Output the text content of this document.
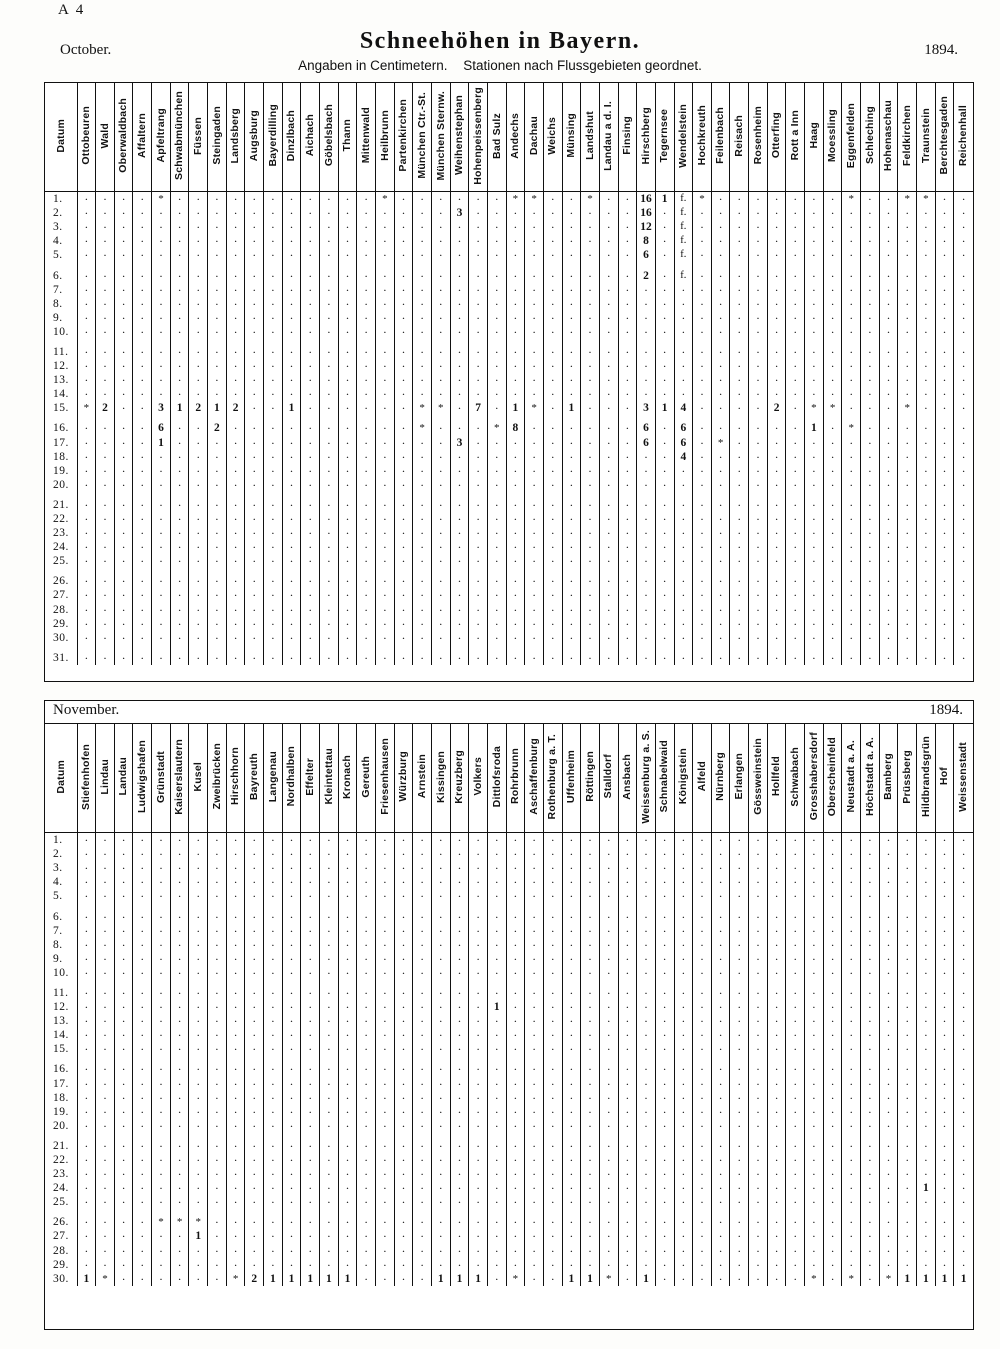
A 4
Schneehöhen in Bayern.
Angaben in Centimetern. Stationen nach Flussgebieten geordnet.
October.	1894.
Datum	Ottobeuren	Wald	Oberwaldbach	Affaltern	Apfeltrang	Schwabmünchen	Füssen	Steingaden	Landsberg	Augsburg	Bayerdilling	Dinzlbach	Aichach	Göbelsbach	Thann	Mittenwald	Heilbrunn	Partenkirchen	München Ctr.-St.	München Sternw.	Weihenstephan	Hohenpeissenberg	Bad Sulz	Andechs	Dachau	Weichs	Münsing	Landshut	Landau a d. I.	Finsing	Hirschberg	Tegernsee	Wendelstein	Hochkreuth	Feilenbach	Reisach	Rosenheim	Otterfing	Rott a Inn	Haag	Moessling	Eggenfelden	Schleching	Hohenaschau	Feldkirchen	Traunstein	Berchtesgaden	Reichenhall
1.	·	·	·	·	*	·	·	·	·	·	·	·	·	·	·	·	*	·	·	·	·	·	·	*	*	·	·	*	·	·	16	1	f.	*	·	·	·	·	·	·	·	*	·	·	*	*	·	·

2.	·	·	·	·	·	·	·	·	·	·	·	·	·	·	·	·	·	·	·	·	3	·	·	·	·	·	·	·	·	·	16	·	f.	·	·	·	·	·	·	·	·	·	·	·	·	·	·	·

3.	·	·	·	·	·	·	·	·	·	·	·	·	·	·	·	·	·	·	·	·	·	·	·	·	·	·	·	·	·	·	12	·	f.	·	·	·	·	·	·	·	·	·	·	·	·	·	·	·

4.	·	·	·	·	·	·	·	·	·	·	·	·	·	·	·	·	·	·	·	·	·	·	·	·	·	·	·	·	·	·	8	·	f.	·	·	·	·	·	·	·	·	·	·	·	·	·	·	·

5.	·	·	·	·	·	·	·	·	·	·	·	·	·	·	·	·	·	·	·	·	·	·	·	·	·	·	·	·	·	·	6	·	f.	·	·	·	·	·	·	·	·	·	·	·	·	·	·	·

6.	·	·	·	·	·	·	·	·	·	·	·	·	·	·	·	·	·	·	·	·	·	·	·	·	·	·	·	·	·	·	2	·	f.	·	·	·	·	·	·	·	·	·	·	·	·	·	·	·

7.	·	·	·	·	·	·	·	·	·	·	·	·	·	·	·	·	·	·	·	·	·	·	·	·	·	·	·	·	·	·	·	·	·	·	·	·	·	·	·	·	·	·	·	·	·	·	·	·

8.	·	·	·	·	·	·	·	·	·	·	·	·	·	·	·	·	·	·	·	·	·	·	·	·	·	·	·	·	·	·	·	·	·	·	·	·	·	·	·	·	·	·	·	·	·	·	·	·

9.	·	·	·	·	·	·	·	·	·	·	·	·	·	·	·	·	·	·	·	·	·	·	·	·	·	·	·	·	·	·	·	·	·	·	·	·	·	·	·	·	·	·	·	·	·	·	·	·

10.	·	·	·	·	·	·	·	·	·	·	·	·	·	·	·	·	·	·	·	·	·	·	·	·	·	·	·	·	·	·	·	·	·	·	·	·	·	·	·	·	·	·	·	·	·	·	·	·

11.	·	·	·	·	·	·	·	·	·	·	·	·	·	·	·	·	·	·	·	·	·	·	·	·	·	·	·	·	·	·	·	·	·	·	·	·	·	·	·	·	·	·	·	·	·	·	·	·

12.	·	·	·	·	·	·	·	·	·	·	·	·	·	·	·	·	·	·	·	·	·	·	·	·	·	·	·	·	·	·	·	·	·	·	·	·	·	·	·	·	·	·	·	·	·	·	·	·

13.	·	·	·	·	·	·	·	·	·	·	·	·	·	·	·	·	·	·	·	·	·	·	·	·	·	·	·	·	·	·	·	·	·	·	·	·	·	·	·	·	·	·	·	·	·	·	·	·

14.	·	·	·	·	·	·	·	·	·	·	·	·	·	·	·	·	·	·	·	·	·	·	·	·	·	·	·	·	·	·	·	·	·	·	·	·	·	·	·	·	·	·	·	·	·	·	·	·

15.	*	2	·	·	3	1	2	1	2	·	·	1	·	·	·	·	·	·	*	*	·	7	·	1	*	·	1	·	·	·	3	1	4	·	·	·	·	2	·	*	*	·	·	·	*	·	·	·

16.	·	·	·	·	6	·	·	2	·	·	·	·	·	·	·	·	·	·	*	·	·	·	*	8	·	·	·	·	·	·	6	·	6	·	·	·	·	·	·	1	·	*	·	·	·	·	·	·

17.	·	·	·	·	1	·	·	·	·	·	·	·	·	·	·	·	·	·	·	·	3	·	·	·	·	·	·	·	·	·	6	·	6	·	*	·	·	·	·	·	·	·	·	·	·	·	·	·

18.	·	·	·	·	·	·	·	·	·	·	·	·	·	·	·	·	·	·	·	·	·	·	·	·	·	·	·	·	·	·	·	·	4	·	·	·	·	·	·	·	·	·	·	·	·	·	·	·

19.	·	·	·	·	·	·	·	·	·	·	·	·	·	·	·	·	·	·	·	·	·	·	·	·	·	·	·	·	·	·	·	·	·	·	·	·	·	·	·	·	·	·	·	·	·	·	·	·

20.	·	·	·	·	·	·	·	·	·	·	·	·	·	·	·	·	·	·	·	·	·	·	·	·	·	·	·	·	·	·	·	·	·	·	·	·	·	·	·	·	·	·	·	·	·	·	·	·

21.	·	·	·	·	·	·	·	·	·	·	·	·	·	·	·	·	·	·	·	·	·	·	·	·	·	·	·	·	·	·	·	·	·	·	·	·	·	·	·	·	·	·	·	·	·	·	·	·

22.	·	·	·	·	·	·	·	·	·	·	·	·	·	·	·	·	·	·	·	·	·	·	·	·	·	·	·	·	·	·	·	·	·	·	·	·	·	·	·	·	·	·	·	·	·	·	·	·

23.	·	·	·	·	·	·	·	·	·	·	·	·	·	·	·	·	·	·	·	·	·	·	·	·	·	·	·	·	·	·	·	·	·	·	·	·	·	·	·	·	·	·	·	·	·	·	·	·

24.	·	·	·	·	·	·	·	·	·	·	·	·	·	·	·	·	·	·	·	·	·	·	·	·	·	·	·	·	·	·	·	·	·	·	·	·	·	·	·	·	·	·	·	·	·	·	·	·

25.	·	·	·	·	·	·	·	·	·	·	·	·	·	·	·	·	·	·	·	·	·	·	·	·	·	·	·	·	·	·	·	·	·	·	·	·	·	·	·	·	·	·	·	·	·	·	·	·

26.	·	·	·	·	·	·	·	·	·	·	·	·	·	·	·	·	·	·	·	·	·	·	·	·	·	·	·	·	·	·	·	·	·	·	·	·	·	·	·	·	·	·	·	·	·	·	·	·

27.	·	·	·	·	·	·	·	·	·	·	·	·	·	·	·	·	·	·	·	·	·	·	·	·	·	·	·	·	·	·	·	·	·	·	·	·	·	·	·	·	·	·	·	·	·	·	·	·

28.	·	·	·	·	·	·	·	·	·	·	·	·	·	·	·	·	·	·	·	·	·	·	·	·	·	·	·	·	·	·	·	·	·	·	·	·	·	·	·	·	·	·	·	·	·	·	·	·

29.	·	·	·	·	·	·	·	·	·	·	·	·	·	·	·	·	·	·	·	·	·	·	·	·	·	·	·	·	·	·	·	·	·	·	·	·	·	·	·	·	·	·	·	·	·	·	·	·

30.	·	·	·	·	·	·	·	·	·	·	·	·	·	·	·	·	·	·	·	·	·	·	·	·	·	·	·	·	·	·	·	·	·	·	·	·	·	·	·	·	·	·	·	·	·	·	·	·

31.	·	·	·	·	·	·	·	·	·	·	·	·	·	·	·	·	·	·	·	·	·	·	·	·	·	·	·	·	·	·	·	·	·	·	·	·	·	·	·	·	·	·	·	·	·	·	·	·
November.	1894.
Datum	Stiefenhofen	Lindau	Landau	Ludwigshafen	Grünstadt	Kaiserslautern	Kusel	Zweibrücken	Hirschhorn	Bayreuth	Langenau	Nordhalben	Effelter	Kleintettau	Kronach	Gereuth	Friesenhausen	Würzburg	Arnstein	Kissingen	Kreuzberg	Volkers	Dittlofsroda	Rohrbrunn	Aschaffenburg	Rothenburg a. T.	Uffenheim	Röttingen	Stalldorf	Ansbach	Weissenburg a. S.	Schnabelwaid	Königstein	Alfeld	Nürnberg	Erlangen	Gössweinstein	Hollfeld	Schwabach	Grosshabersdorf	Oberscheinfeld	Neustadt a. A.	Höchstadt a. A.	Bamberg	Prüssberg	Hildbrandsgrün	Hof	Weissenstadt
1.	·	·	·	·	·	·	·	·	·	·	·	·	·	·	·	·	·	·	·	·	·	·	·	·	·	·	·	·	·	·	·	·	·	·	·	·	·	·	·	·	·	·	·	·	·	·	·	·

2.	·	·	·	·	·	·	·	·	·	·	·	·	·	·	·	·	·	·	·	·	·	·	·	·	·	·	·	·	·	·	·	·	·	·	·	·	·	·	·	·	·	·	·	·	·	·	·	·

3.	·	·	·	·	·	·	·	·	·	·	·	·	·	·	·	·	·	·	·	·	·	·	·	·	·	·	·	·	·	·	·	·	·	·	·	·	·	·	·	·	·	·	·	·	·	·	·	·

4.	·	·	·	·	·	·	·	·	·	·	·	·	·	·	·	·	·	·	·	·	·	·	·	·	·	·	·	·	·	·	·	·	·	·	·	·	·	·	·	·	·	·	·	·	·	·	·	·

5.	·	·	·	·	·	·	·	·	·	·	·	·	·	·	·	·	·	·	·	·	·	·	·	·	·	·	·	·	·	·	·	·	·	·	·	·	·	·	·	·	·	·	·	·	·	·	·	·

6.	·	·	·	·	·	·	·	·	·	·	·	·	·	·	·	·	·	·	·	·	·	·	·	·	·	·	·	·	·	·	·	·	·	·	·	·	·	·	·	·	·	·	·	·	·	·	·	·

7.	·	·	·	·	·	·	·	·	·	·	·	·	·	·	·	·	·	·	·	·	·	·	·	·	·	·	·	·	·	·	·	·	·	·	·	·	·	·	·	·	·	·	·	·	·	·	·	·

8.	·	·	·	·	·	·	·	·	·	·	·	·	·	·	·	·	·	·	·	·	·	·	·	·	·	·	·	·	·	·	·	·	·	·	·	·	·	·	·	·	·	·	·	·	·	·	·	·

9.	·	·	·	·	·	·	·	·	·	·	·	·	·	·	·	·	·	·	·	·	·	·	·	·	·	·	·	·	·	·	·	·	·	·	·	·	·	·	·	·	·	·	·	·	·	·	·	·

10.	·	·	·	·	·	·	·	·	·	·	·	·	·	·	·	·	·	·	·	·	·	·	·	·	·	·	·	·	·	·	·	·	·	·	·	·	·	·	·	·	·	·	·	·	·	·	·	·

11.	·	·	·	·	·	·	·	·	·	·	·	·	·	·	·	·	·	·	·	·	·	·	·	·	·	·	·	·	·	·	·	·	·	·	·	·	·	·	·	·	·	·	·	·	·	·	·	·

12.	·	·	·	·	·	·	·	·	·	·	·	·	·	·	·	·	·	·	·	·	·	·	1	·	·	·	·	·	·	·	·	·	·	·	·	·	·	·	·	·	·	·	·	·	·	·	·	·

13.	·	·	·	·	·	·	·	·	·	·	·	·	·	·	·	·	·	·	·	·	·	·	·	·	·	·	·	·	·	·	·	·	·	·	·	·	·	·	·	·	·	·	·	·	·	·	·	·

14.	·	·	·	·	·	·	·	·	·	·	·	·	·	·	·	·	·	·	·	·	·	·	·	·	·	·	·	·	·	·	·	·	·	·	·	·	·	·	·	·	·	·	·	·	·	·	·	·

15.	·	·	·	·	·	·	·	·	·	·	·	·	·	·	·	·	·	·	·	·	·	·	·	·	·	·	·	·	·	·	·	·	·	·	·	·	·	·	·	·	·	·	·	·	·	·	·	·

16.	·	·	·	·	·	·	·	·	·	·	·	·	·	·	·	·	·	·	·	·	·	·	·	·	·	·	·	·	·	·	·	·	·	·	·	·	·	·	·	·	·	·	·	·	·	·	·	·

17.	·	·	·	·	·	·	·	·	·	·	·	·	·	·	·	·	·	·	·	·	·	·	·	·	·	·	·	·	·	·	·	·	·	·	·	·	·	·	·	·	·	·	·	·	·	·	·	·

18.	·	·	·	·	·	·	·	·	·	·	·	·	·	·	·	·	·	·	·	·	·	·	·	·	·	·	·	·	·	·	·	·	·	·	·	·	·	·	·	·	·	·	·	·	·	·	·	·

19.	·	·	·	·	·	·	·	·	·	·	·	·	·	·	·	·	·	·	·	·	·	·	·	·	·	·	·	·	·	·	·	·	·	·	·	·	·	·	·	·	·	·	·	·	·	·	·	·

20.	·	·	·	·	·	·	·	·	·	·	·	·	·	·	·	·	·	·	·	·	·	·	·	·	·	·	·	·	·	·	·	·	·	·	·	·	·	·	·	·	·	·	·	·	·	·	·	·

21.	·	·	·	·	·	·	·	·	·	·	·	·	·	·	·	·	·	·	·	·	·	·	·	·	·	·	·	·	·	·	·	·	·	·	·	·	·	·	·	·	·	·	·	·	·	·	·	·

22.	·	·	·	·	·	·	·	·	·	·	·	·	·	·	·	·	·	·	·	·	·	·	·	·	·	·	·	·	·	·	·	·	·	·	·	·	·	·	·	·	·	·	·	·	·	·	·	·

23.	·	·	·	·	·	·	·	·	·	·	·	·	·	·	·	·	·	·	·	·	·	·	·	·	·	·	·	·	·	·	·	·	·	·	·	·	·	·	·	·	·	·	·	·	·	·	·	·

24.	·	·	·	·	·	·	·	·	·	·	·	·	·	·	·	·	·	·	·	·	·	·	·	·	·	·	·	·	·	·	·	·	·	·	·	·	·	·	·	·	·	·	·	·	·	1	·	·

25.	·	·	·	·	·	·	·	·	·	·	·	·	·	·	·	·	·	·	·	·	·	·	·	·	·	·	·	·	·	·	·	·	·	·	·	·	·	·	·	·	·	·	·	·	·	·	·	·

26.	·	·	·	·	*	*	*	·	·	·	·	·	·	·	·	·	·	·	·	·	·	·	·	·	·	·	·	·	·	·	·	·	·	·	·	·	·	·	·	·	·	·	·	·	·	·	·	·

27.	·	·	·	·	·	·	1	·	·	·	·	·	·	·	·	·	·	·	·	·	·	·	·	·	·	·	·	·	·	·	·	·	·	·	·	·	·	·	·	·	·	·	·	·	·	·	·	·

28.	·	·	·	·	·	·	·	·	·	·	·	·	·	·	·	·	·	·	·	·	·	·	·	·	·	·	·	·	·	·	·	·	·	·	·	·	·	·	·	·	·	·	·	·	·	·	·	·

29.	·	·	·	·	·	·	·	·	·	·	·	·	·	·	·	·	·	·	·	·	·	·	·	·	·	·	·	·	·	·	·	·	·	·	·	·	·	·	·	·	·	·	·	·	·	·	·	·

30.	1	*	·	·	·	·	·	·	*	2	1	1	1	1	1	·	·	·	·	1	1	1	·	*	·	·	1	1	*	·	1	·	·	·	·	·	·	·	·	*	·	*	·	*	1	1	1	1
